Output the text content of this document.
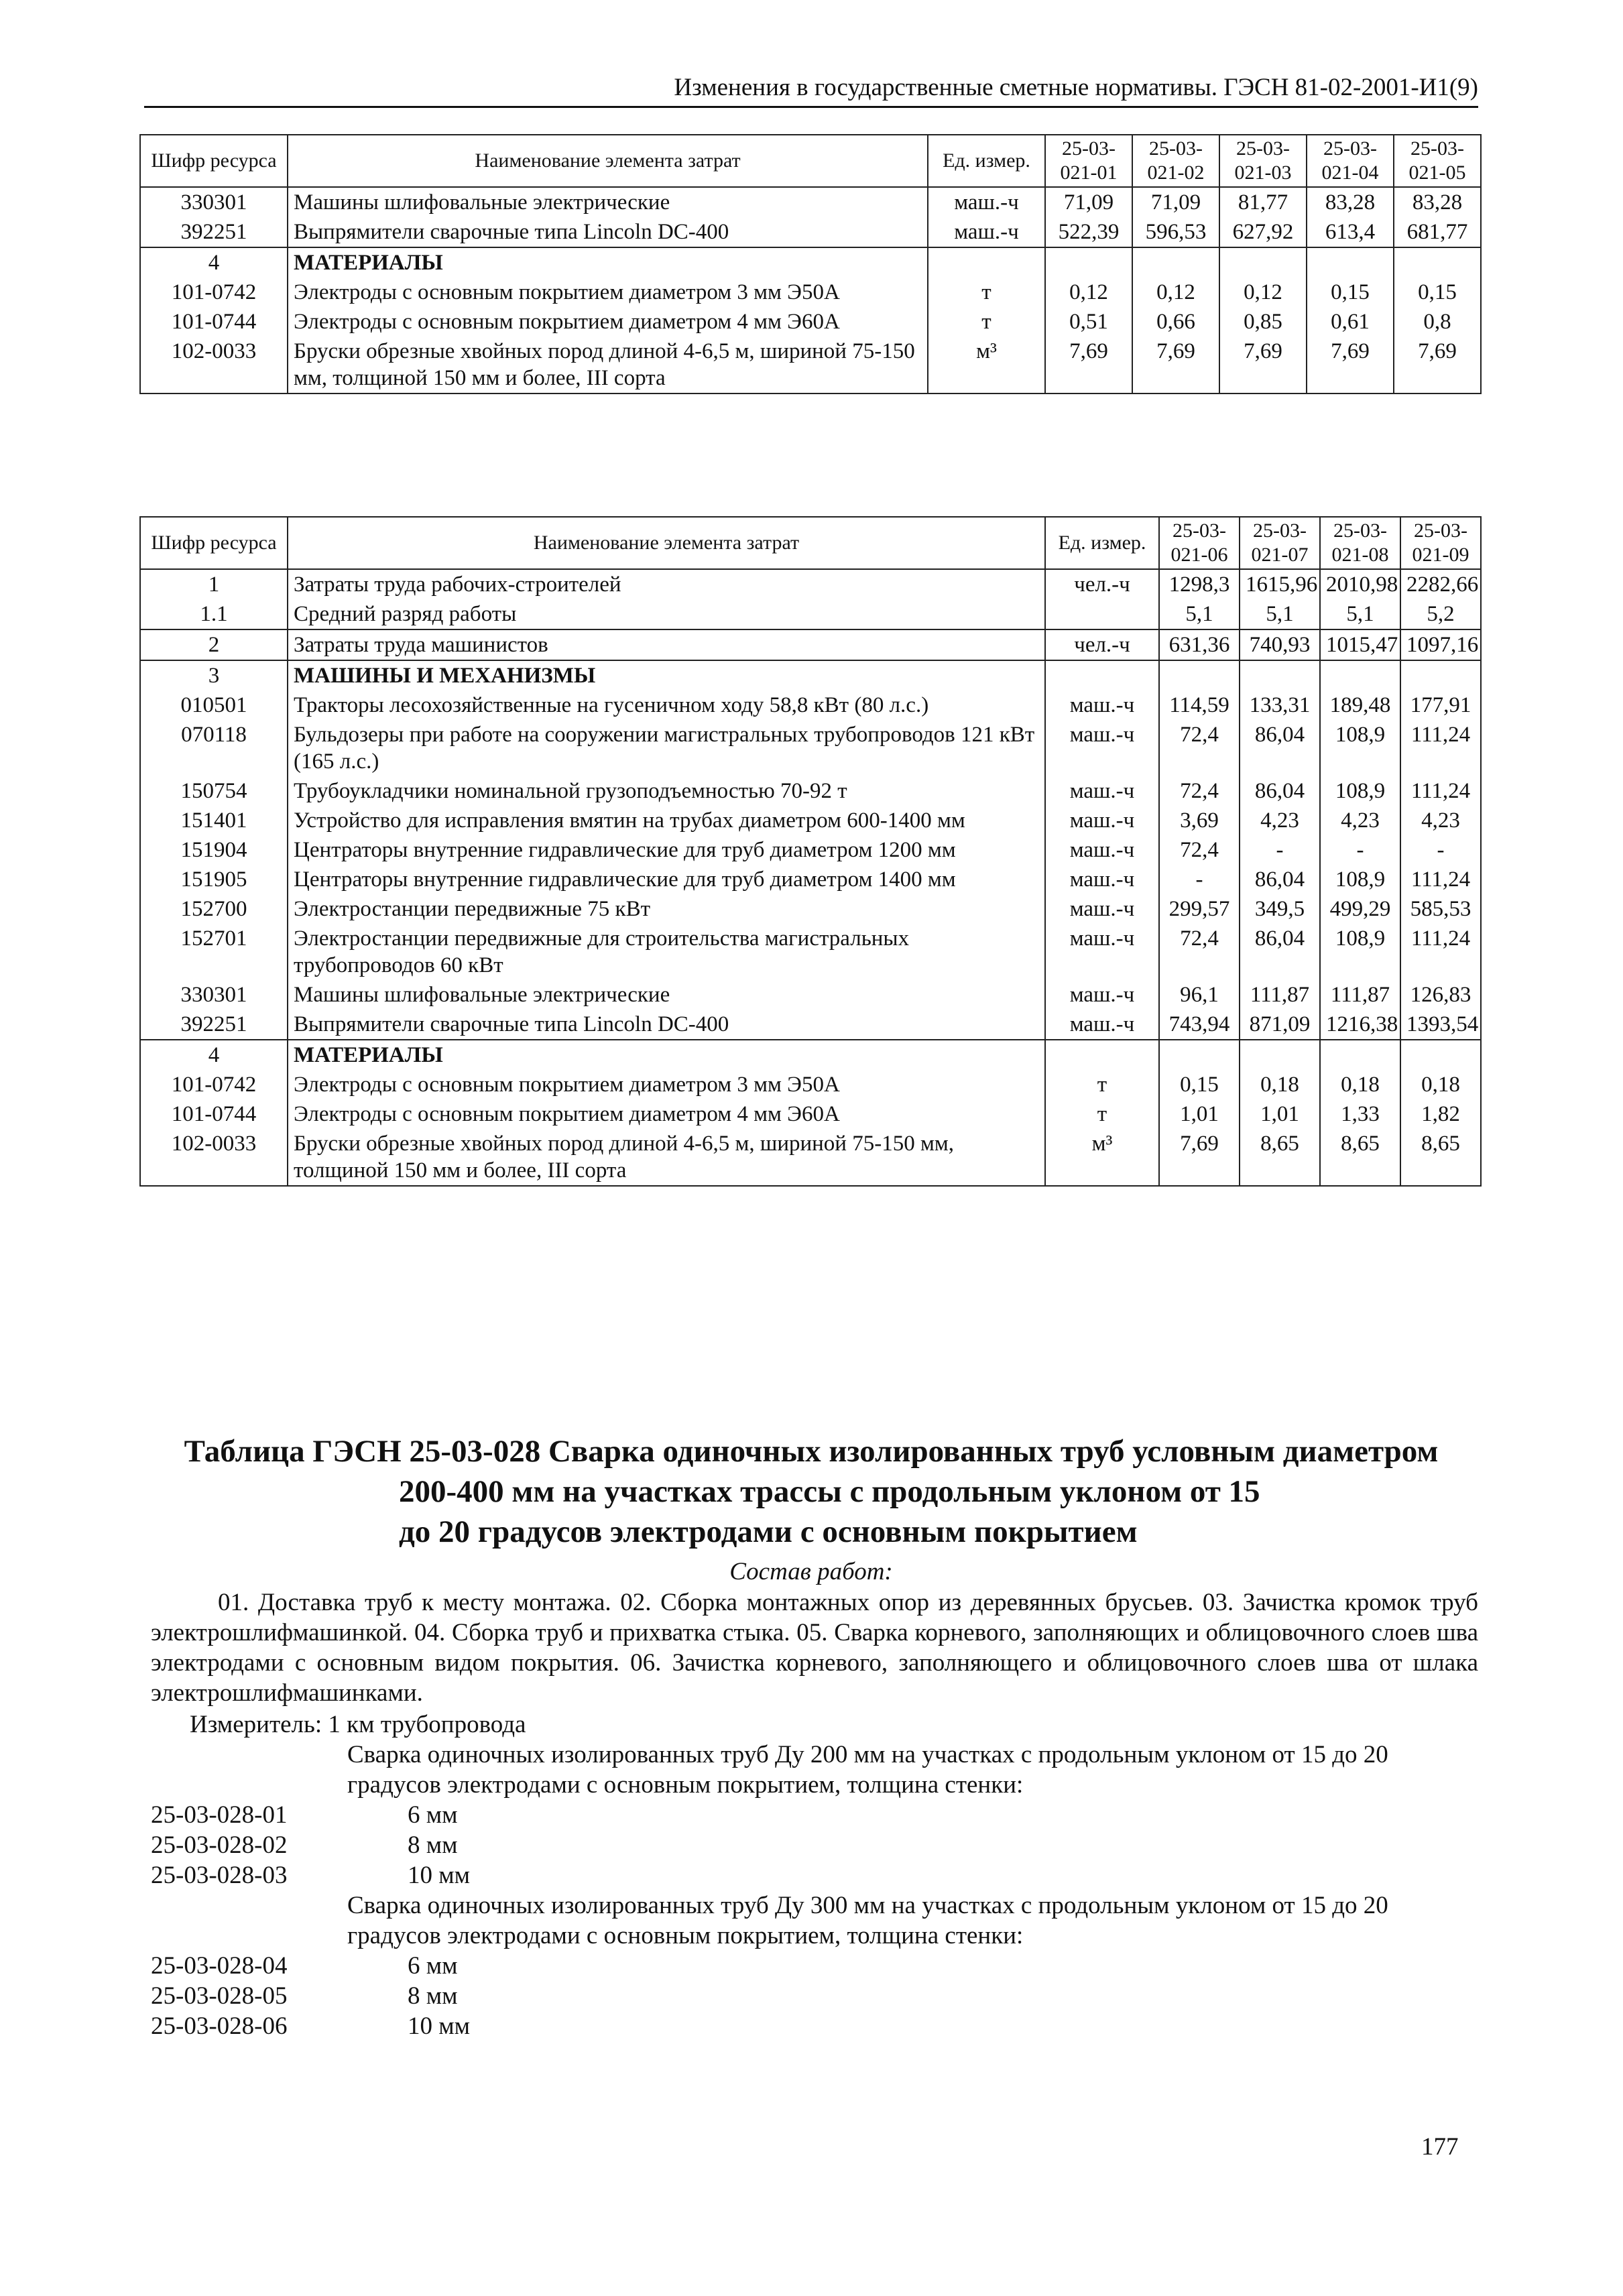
Изменения в государственные сметные нормативы. ГЭСН 81-02-2001-И1(9)
Шифр ресурса	Наименование элемента затрат	Ед. измер.	25-03-021-01	25-03-021-02	25-03-021-03	25-03-021-04	25-03-021-05
330301	Машины шлифовальные электрические	маш.-ч	71,09	71,09	81,77	83,28	83,28
392251	Выпрямители сварочные типа Lincoln DC-400	маш.-ч	522,39	596,53	627,92	613,4	681,77
4	МАТЕРИАЛЫ						
101-0742	Электроды с основным покрытием диаметром 3 мм Э50А	т	0,12	0,12	0,12	0,15	0,15
101-0744	Электроды с основным покрытием диаметром 4 мм Э60А	т	0,51	0,66	0,85	0,61	0,8
102-0033	Бруски обрезные хвойных пород длиной 4-6,5 м, шириной 75-150 мм, толщиной 150 мм и более, III сорта	м³	7,69	7,69	7,69	7,69	7,69
Шифр ресурса	Наименование элемента затрат	Ед. измер.	25-03-021-06	25-03-021-07	25-03-021-08	25-03-021-09
1	Затраты труда рабочих-строителей	чел.-ч	1298,3	1615,96	2010,98	2282,66
1.1	Средний разряд работы		5,1	5,1	5,1	5,2
2	Затраты труда машинистов	чел.-ч	631,36	740,93	1015,47	1097,16
3	МАШИНЫ И МЕХАНИЗМЫ					
010501	Тракторы лесохозяйственные на гусеничном ходу 58,8 кВт (80 л.с.)	маш.-ч	114,59	133,31	189,48	177,91
070118	Бульдозеры при работе на сооружении магистральных трубопроводов 121 кВт (165 л.с.)	маш.-ч	72,4	86,04	108,9	111,24
150754	Трубоукладчики номинальной грузоподъемностью 70-92 т	маш.-ч	72,4	86,04	108,9	111,24
151401	Устройство для исправления вмятин на трубах диаметром 600-1400 мм	маш.-ч	3,69	4,23	4,23	4,23
151904	Центраторы внутренние гидравлические для труб диаметром 1200 мм	маш.-ч	72,4	-	-	-
151905	Центраторы внутренние гидравлические для труб диаметром 1400 мм	маш.-ч	-	86,04	108,9	111,24
152700	Электростанции передвижные 75 кВт	маш.-ч	299,57	349,5	499,29	585,53
152701	Электростанции передвижные для строительства магистральных трубопроводов 60 кВт	маш.-ч	72,4	86,04	108,9	111,24
330301	Машины шлифовальные электрические	маш.-ч	96,1	111,87	111,87	126,83
392251	Выпрямители сварочные типа Lincoln DC-400	маш.-ч	743,94	871,09	1216,38	1393,54
4	МАТЕРИАЛЫ					
101-0742	Электроды с основным покрытием диаметром 3 мм Э50А	т	0,15	0,18	0,18	0,18
101-0744	Электроды с основным покрытием диаметром 4 мм Э60А	т	1,01	1,01	1,33	1,82
102-0033	Бруски обрезные хвойных пород длиной 4-6,5 м, шириной 75-150 мм, толщиной 150 мм и более, III сорта	м³	7,69	8,65	8,65	8,65
Таблица ГЭСН 25-03-028 Сварка одиночных изолированных труб условным диаметром
200-400 мм на участках трассы с продольным уклоном от 15
до 20 градусов электродами с основным покрытием
Состав работ:
01. Доставка труб к месту монтажа. 02. Сборка монтажных опор из деревянных брусьев. 03. Зачистка кромок труб электрошлифмашинкой. 04. Сборка труб и прихватка стыка. 05. Сварка корневого, заполняющих и облицовочного слоев шва электродами с основным видом покрытия. 06. Зачистка корневого, заполняющего и облицовочного слоев шва от шлака электрошлифмашинками.
Измеритель: 1 км трубопровода
Сварка одиночных изолированных труб Ду 200 мм на участках с продольным уклоном от 15 до 20 градусов электродами с основным покрытием, толщина стенки:
25-03-028-01	6 мм
25-03-028-02	8 мм
25-03-028-03	10 мм
Сварка одиночных изолированных труб Ду 300 мм на участках с продольным уклоном от 15 до 20 градусов электродами с основным покрытием, толщина стенки:
25-03-028-04	6 мм
25-03-028-05	8 мм
25-03-028-06	10 мм
177
